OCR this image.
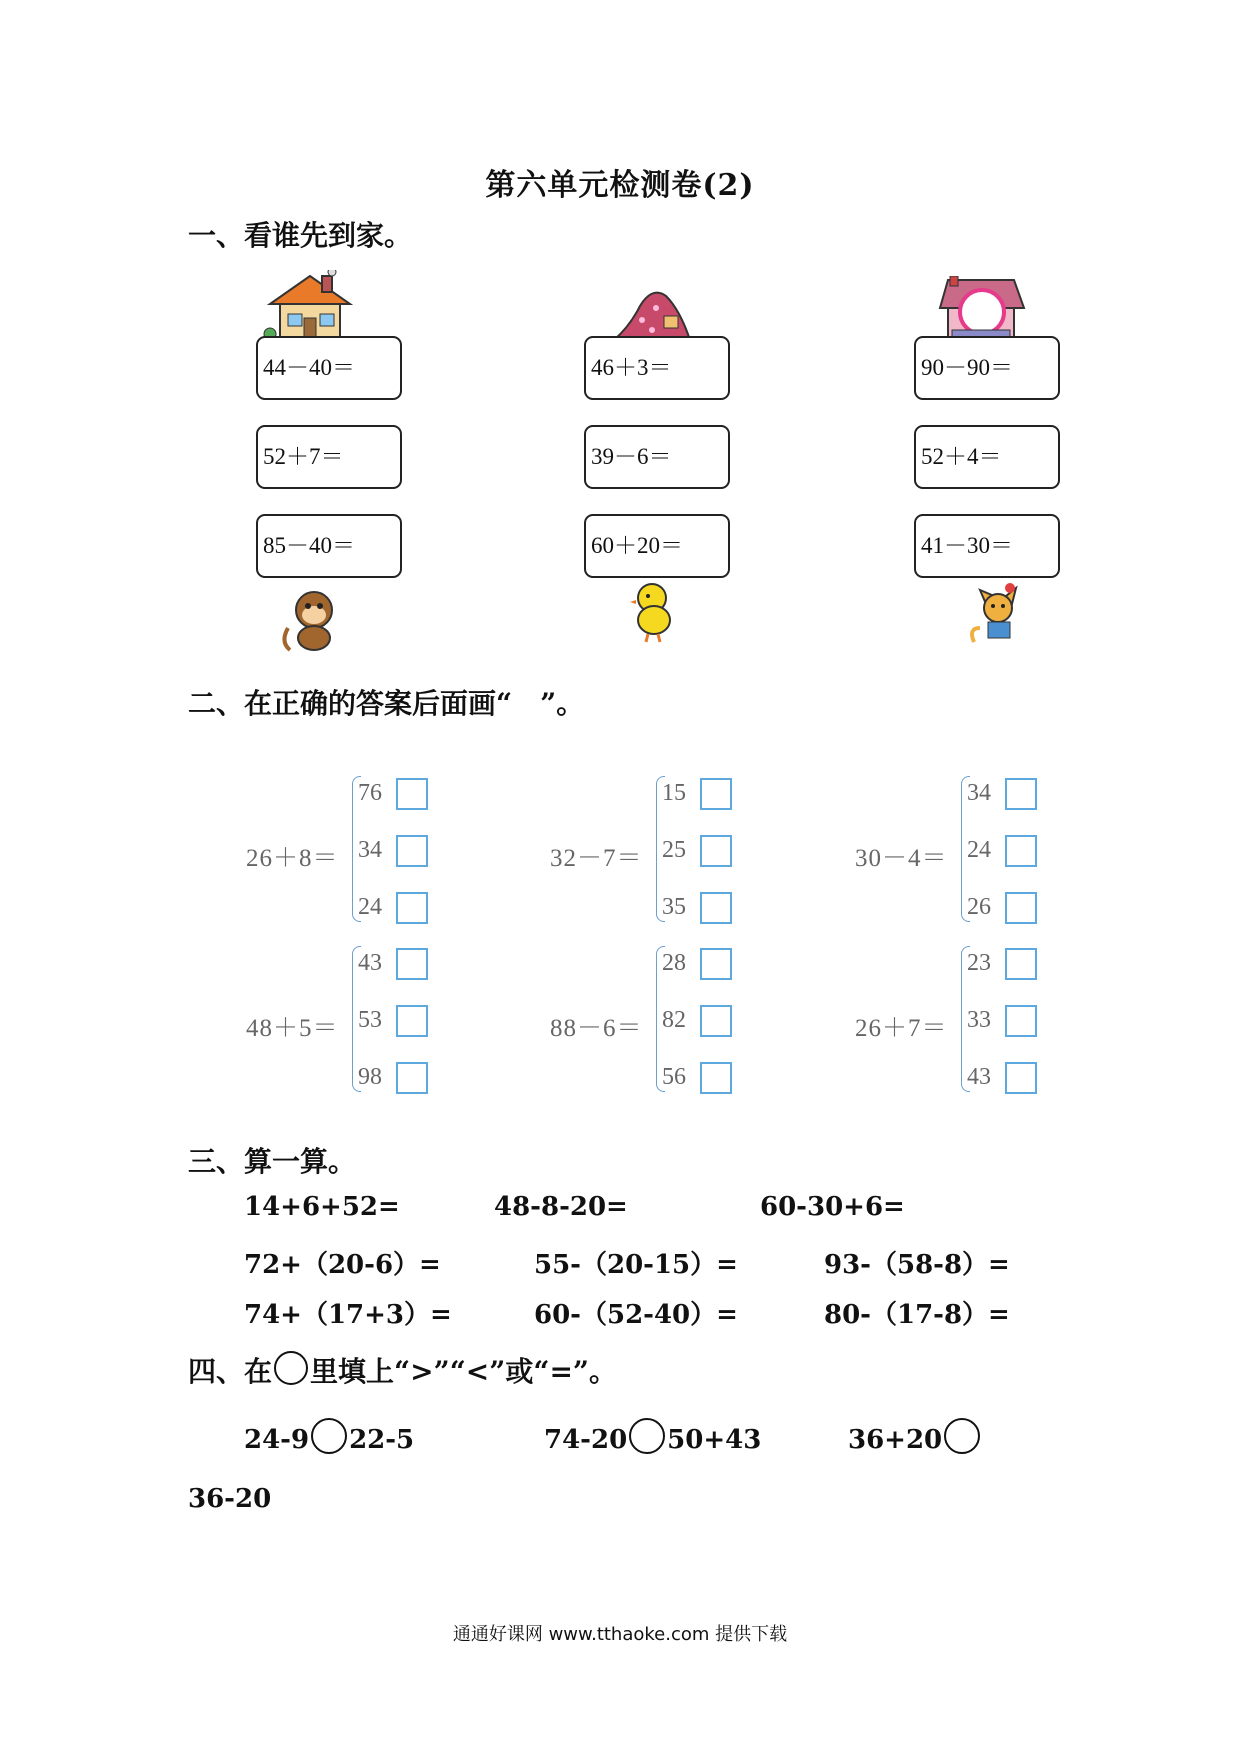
第六单元检测卷(2)
一、看谁先到家。
44－40＝
52＋7＝
85－40＝
46＋3＝
39－6＝
60＋20＝
90－90＝
52＋4＝
41－30＝
二、在正确的答案后面画“　”。
26＋8＝
76
34
24
32－7＝
15
25
35
30－4＝
34
24
26
48＋5＝
43
53
98
88－6＝
28
82
56
26＋7＝
23
33
43
三、算一算。
14+6+52=	48-8-20=	60-30+6=
72+（20-6）=	55-（20-15）=	93-（58-8）=
74+（17+3）=	60-（52-40）=	80-（17-8）=
四、在 里填上“>”“<”或“=”。
24-9 22-5	74-20 50+43	36+20
36-20
通通好课网 www.tthaoke.com 提供下载
